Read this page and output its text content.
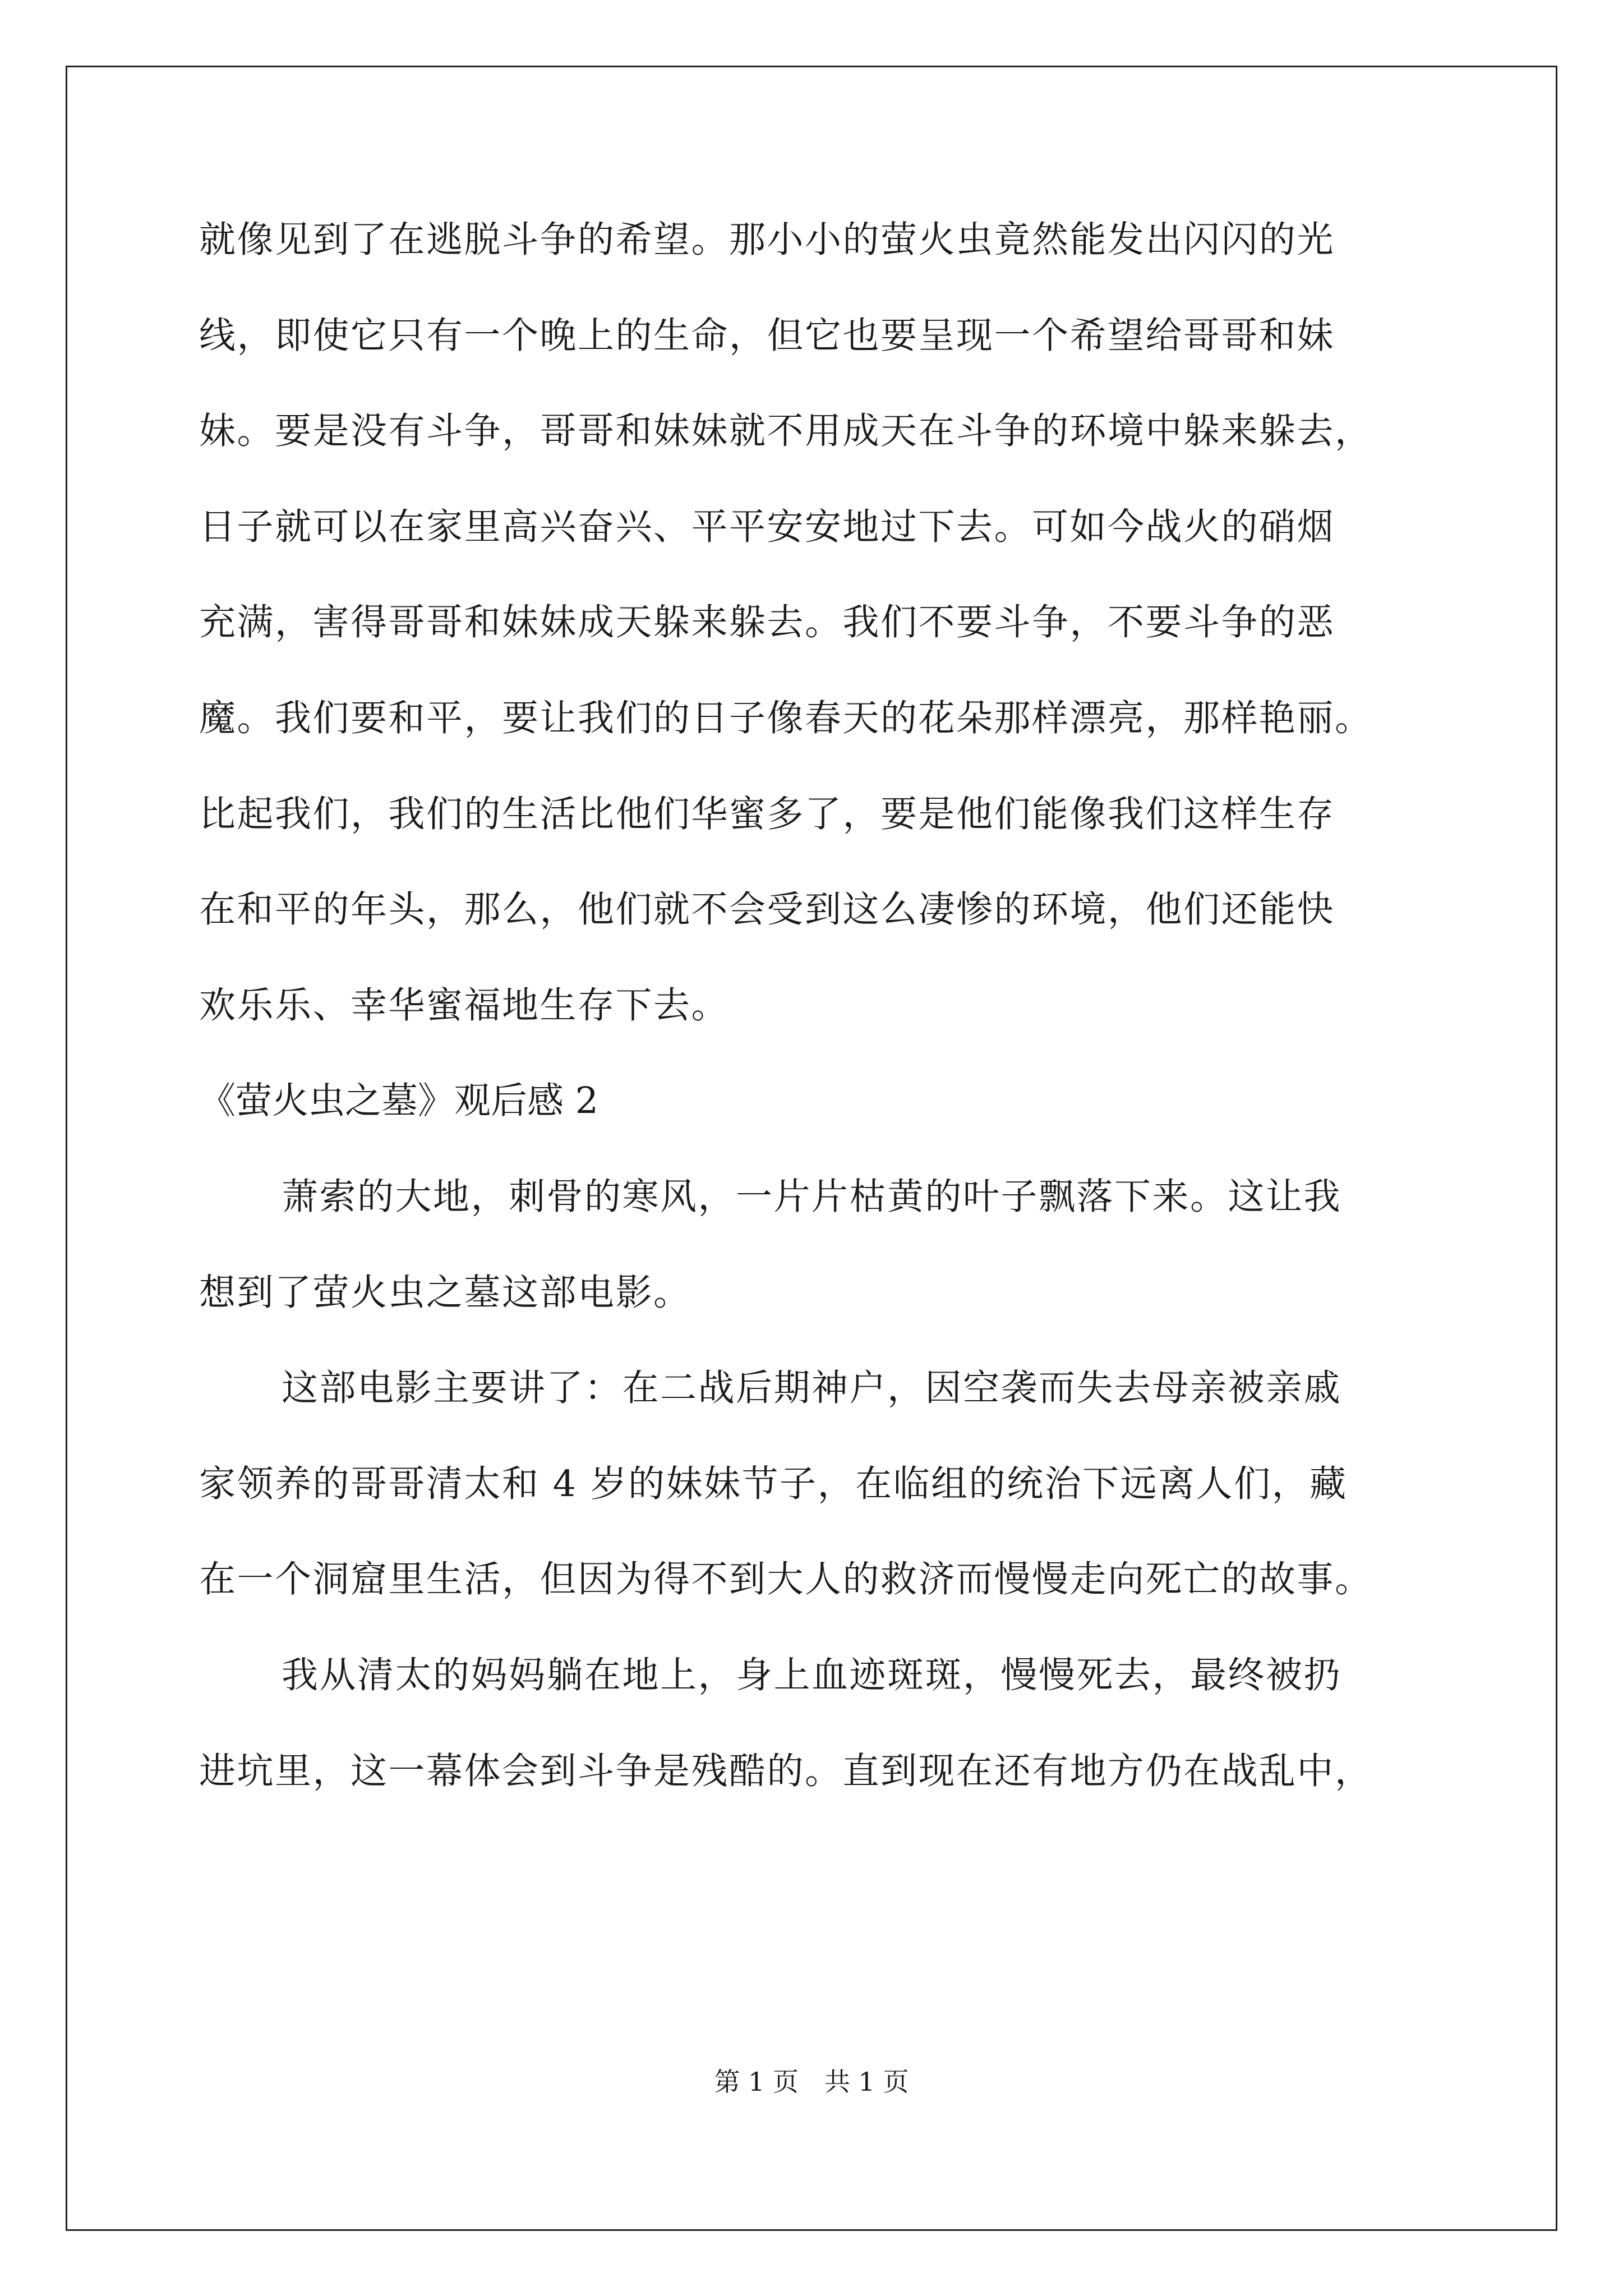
就像见到了在逃脱斗争的希望。那小小的萤火虫竟然能发出闪闪的光
线，即使它只有一个晚上的生命，但它也要呈现一个希望给哥哥和妹
妹。要是没有斗争，哥哥和妹妹就不用成天在斗争的环境中躲来躲去，
日子就可以在家里高兴奋兴、平平安安地过下去。可如今战火的硝烟
充满，害得哥哥和妹妹成天躲来躲去。我们不要斗争，不要斗争的恶
魔。我们要和平，要让我们的日子像春天的花朵那样漂亮，那样艳丽。
比起我们，我们的生活比他们华蜜多了，要是他们能像我们这样生存
在和平的年头，那么，他们就不会受到这么凄惨的环境，他们还能快
欢乐乐、幸华蜜福地生存下去。
《萤火虫之墓》观后感 2
萧索的大地，刺骨的寒风，一片片枯黄的叶子飘落下来。这让我
想到了萤火虫之墓这部电影。
这部电影主要讲了：在二战后期神户，因空袭而失去母亲被亲戚
家领养的哥哥清太和 4 岁的妹妹节子，在临组的统治下远离人们，藏
在一个洞窟里生活，但因为得不到大人的救济而慢慢走向死亡的故事。
我从清太的妈妈躺在地上，身上血迹斑斑，慢慢死去，最终被扔
进坑里，这一幕体会到斗争是残酷的。直到现在还有地方仍在战乱中，
第 1 页　共 1 页
